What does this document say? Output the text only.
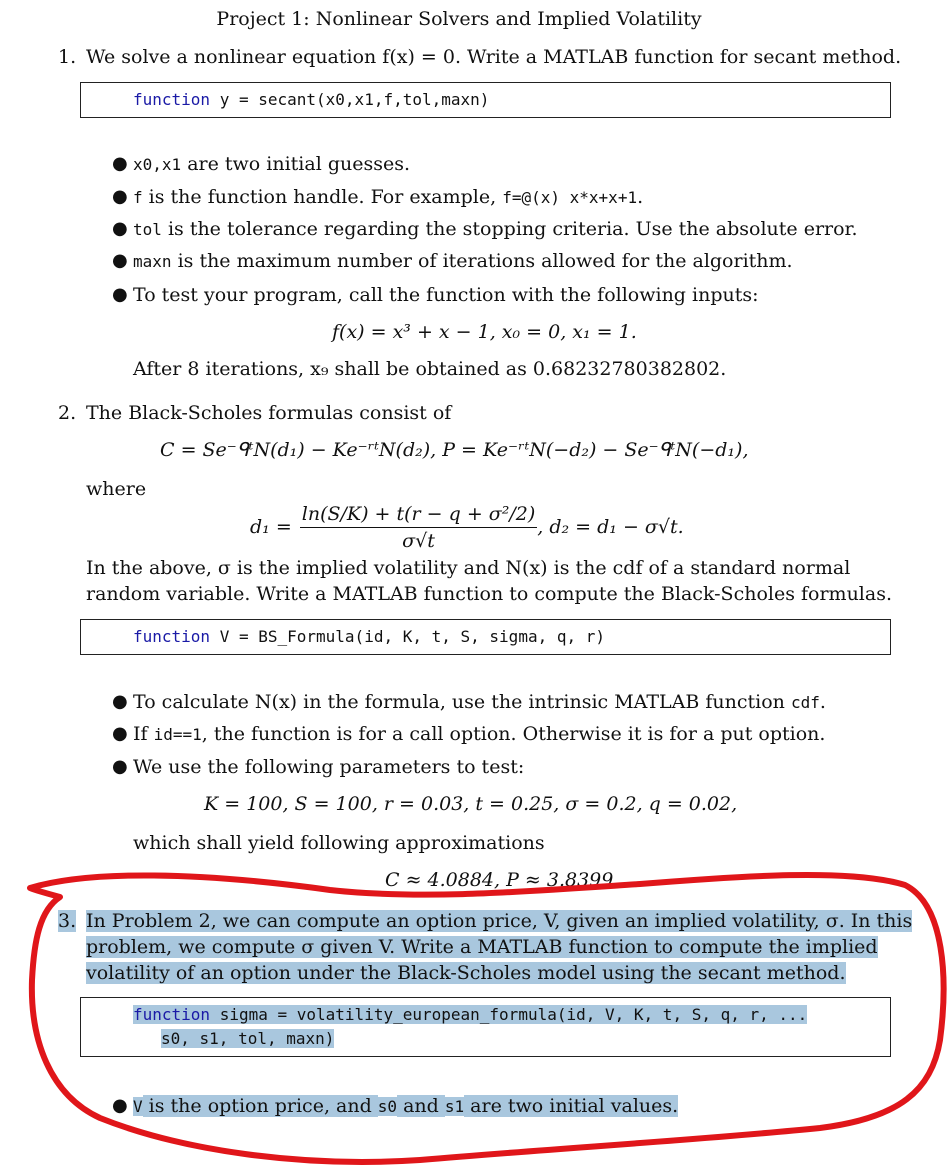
Project 1: Nonlinear Solvers and Implied Volatility
1. We solve a nonlinear equation f(x) = 0. Write a MATLAB function for secant method.
function y = secant(x0,x1,f,tol,maxn)
● x0,x1 are two initial guesses.
● f is the function handle. For example, f=@(x) x*x+x+1.
● tol is the tolerance regarding the stopping criteria. Use the absolute error.
● maxn is the maximum number of iterations allowed for the algorithm.
● To test your program, call the function with the following inputs:
f(x) = x³ + x − 1, x₀ = 0, x₁ = 1.
After 8 iterations, x₉ shall be obtained as 0.68232780382802.
2. The Black-Scholes formulas consist of
C = Se⁻ᑫᵗN(d₁) − Ke⁻ʳᵗN(d₂), P = Ke⁻ʳᵗN(−d₂) − Se⁻ᑫᵗN(−d₁),
where
$d_1 = \frac{\text{ln(S/K) + t(r − q + σ²/2)}}{\sigma√t}$ , d₂ = d₁ − σ√t.
In the above, σ is the implied volatility and N(x) is the cdf of a standard normal
random variable. Write a MATLAB function to compute the Black-Scholes formulas.
function V = BS_Formula(id, K, t, S, sigma, q, r)
● To calculate N(x) in the formula, use the intrinsic MATLAB function cdf.
● If id==1, the function is for a call option. Otherwise it is for a put option.
● We use the following parameters to test:
K = 100, S = 100, r = 0.03, t = 0.25, σ = 0.2, q = 0.02,
which shall yield following approximations
C ≈ 4.0884, P ≈ 3.8399.
3. In Problem 2, we can compute an option price, V, given an implied volatility, σ. In this
problem, we compute σ given V. Write a MATLAB function to compute the implied
volatility of an option under the Black-Scholes model using the secant method.
function sigma = volatility_european_formula(id, V, K, t, S, q, r, ...
s0, s1, tol, maxn)
● V is the option price, and s0 and s1 are two initial values.
